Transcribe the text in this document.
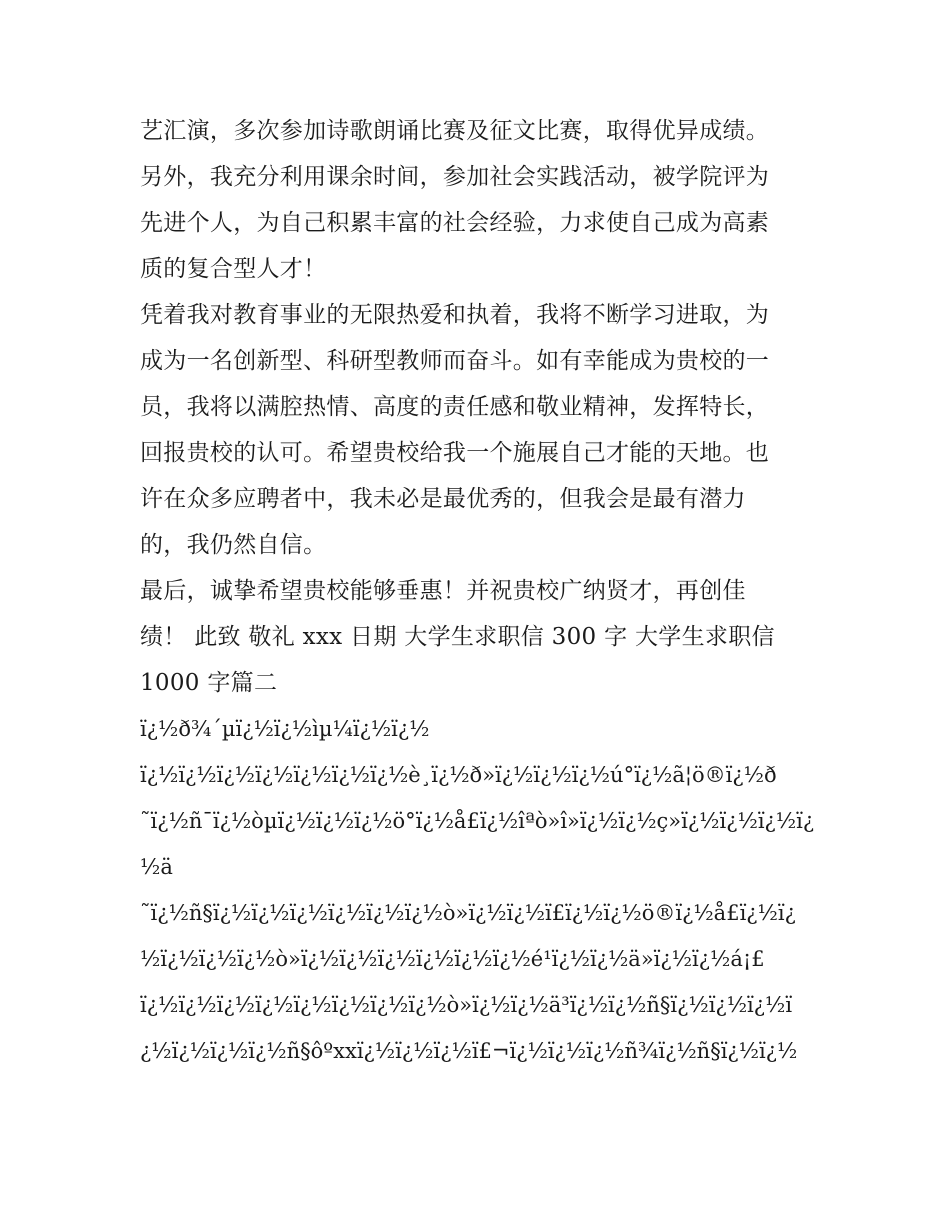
艺汇演，多次参加诗歌朗诵比赛及征文比赛，取得优异成绩。
另外，我充分利用课余时间，参加社会实践活动，被学院评为
先进个人，为自己积累丰富的社会经验，力求使自己成为高素
质的复合型人才！
凭着我对教育事业的无限热爱和执着，我将不断学习进取，为
成为一名创新型、科研型教师而奋斗。如有幸能成为贵校的一
员，我将以满腔热情、高度的责任感和敬业精神，发挥特长，
回报贵校的认可。希望贵校给我一个施展自己才能的天地。也
许在众多应聘者中，我未必是最优秀的，但我会是最有潜力
的，我仍然自信。
最后，诚挚希望贵校能够垂惠！并祝贵校广纳贤才，再创佳
绩！ 此致 敬礼 xxx 日期 大学生求职信 300 字 大学生求职信
1000 字篇二
ï¿½ð¾´µï¿½ï¿½ìµ¼ï¿½ï¿½
ï¿½ï¿½ï¿½ï¿½ï¿½ï¿½ï¿½è¸ï¿½ð»ï¿½ï¿½ï¿½ú°ï¿½ã¦ö®ï¿½ð
˜ï¿½ñ¯ï¿½òµï¿½ï¿½ï¿½ö°ï¿½å£ï¿½îªò»î»ï¿½ï¿½ç»ï¿½ï¿½ï¿½ï¿
½ä
˜ï¿½ñ§ï¿½ï¿½ï¿½ï¿½ï¿½ï¿½ò»ï¿½ï¿½ï£ï¿½ï¿½ö®ï¿½å£ï¿½ï¿
½ï¿½ï¿½ï¿½ò»ï¿½ï¿½ï¿½ï¿½ï¿½ï¿½é¹ï¿½ï¿½ä»ï¿½ï¿½á¡£
ï¿½ï¿½ï¿½ï¿½ï¿½ï¿½ï¿½ï¿½ò»ï¿½ï¿½ä³ï¿½ï¿½ñ§ï¿½ï¿½ï¿½ï
¿½ï¿½ï¿½ï¿½ñ§ôºxxï¿½ï¿½ï¿½ï£¬ï¿½ï¿½ï¿½ñ¾ï¿½ñ§ï¿½ï¿½
